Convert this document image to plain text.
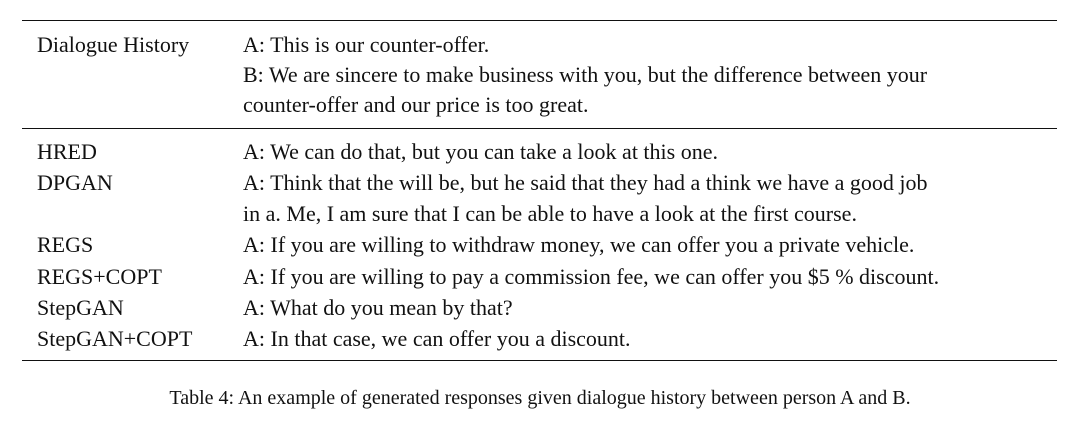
Dialogue History A: This is our counter-offer.
B: We are sincere to make business with you, but the difference between your
counter-offer and our price is too great.
HRED	A: We can do that, but you can take a look at this one.
DPGAN	A: Think that the will be, but he said that they had a think we have a good job
in a. Me, I am sure that I can be able to have a look at the first course.
REGS	A: If you are willing to withdraw money, we can offer you a private vehicle.
REGS+COPT	A: If you are willing to pay a commission fee, we can offer you $5 % discount.
StepGAN	A: What do you mean by that?
StepGAN+COPT A: In that case, we can offer you a discount.
Table 4: An example of generated responses given dialogue history between person A and B.
